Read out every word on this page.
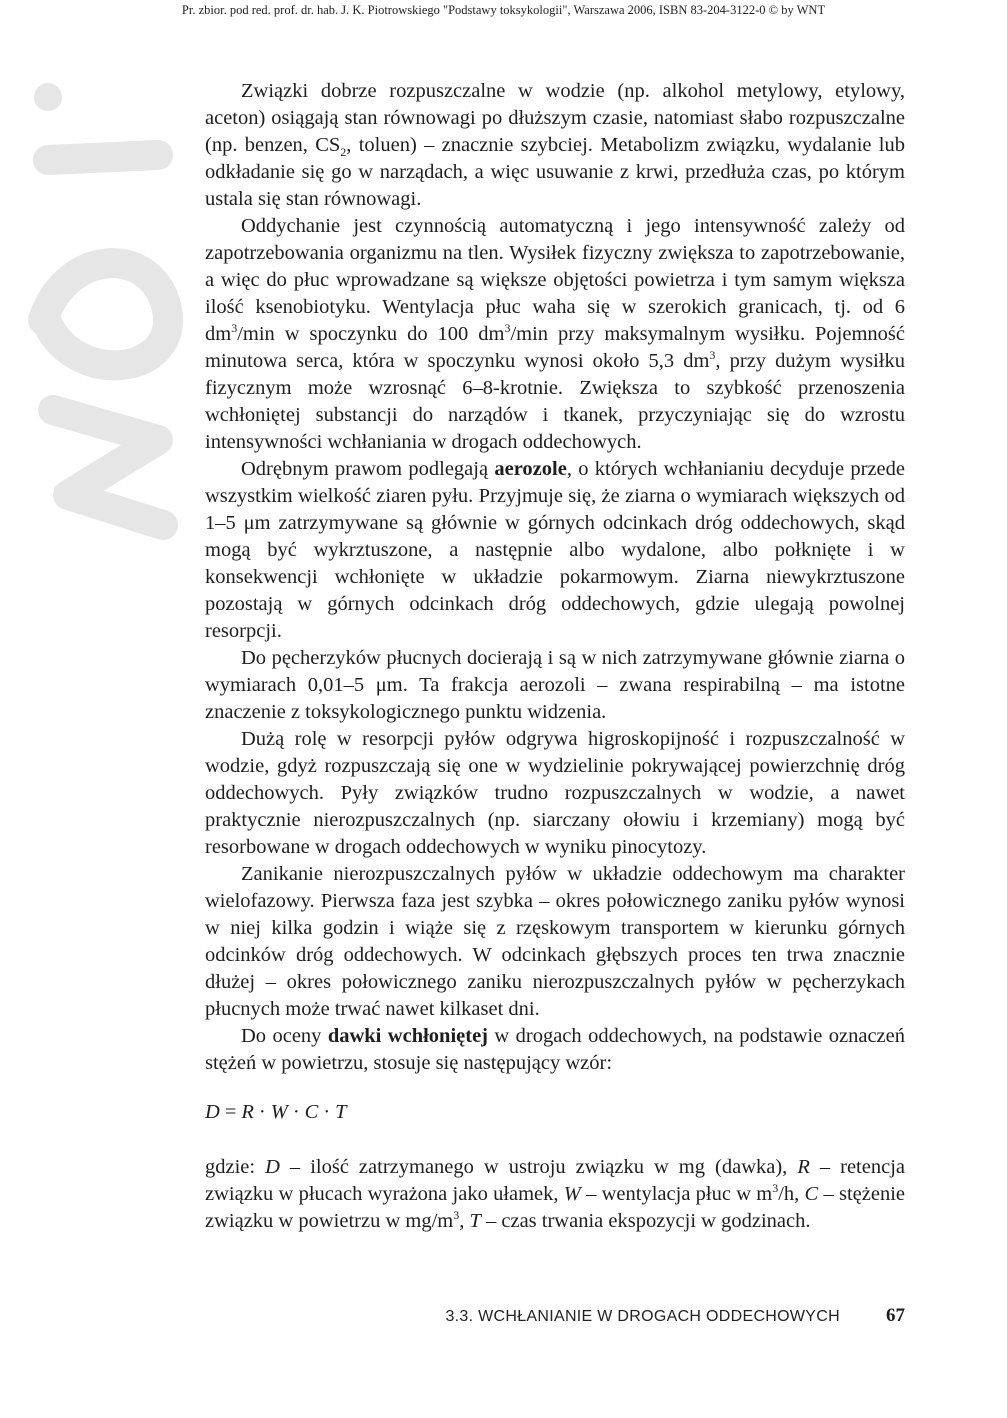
Pr. zbior. pod red. prof. dr. hab. J. K. Piotrowskiego "Podstawy toksykologii", Warszawa 2006, ISBN 83-204-3122-0 © by WNT

Związki dobrze rozpuszczalne w wodzie (np. alkohol metylowy, etylowy, aceton) osiągają stan równowagi po dłuższym czasie, natomiast słabo rozpuszczalne (np. benzen, $CS_2$, toluen) – znacznie szybciej. Metabolizm związku, wydalanie lub odkładanie się go w narządach, a więc usuwanie z krwi, przedłuża czas, po którym ustala się stan równowagi.

Oddychanie jest czynnością automatyczną i jego intensywność zależy od zapotrzebowania organizmu na tlen. Wysiłek fizyczny zwiększa to zapotrzebowanie, a więc do płuc wprowadzane są większe objętości powietrza i tym samym większa ilość ksenobiotyku. Wentylacja płuc waha się w szerokich granicach, tj. od 6 $dm^3/\min$ w spoczynku do 100 $dm^3/\min$ przy maksymalnym wysiłku. Pojemność minutowa serca, która w spoczynku wynosi około 5,3 $dm^3$, przy dużym wysiłku fizycznym może wzrosnąć 6–8-krotnie. Zwiększa to szybkość przenoszenia wchłoniętej substancji do narządów i tkanek, przyczyniając się do wzrostu intensywności wchłaniania w drogach oddechowych.

Odrębnym prawom podlegają aerozole, o których wchłanianiu decyduje przede wszystkim wielkość ziaren pyłu. Przyjmuje się, że ziarna o wymiarach większych od 1–5 μm zatrzymywane są głównie w górnych odcinkach dróg oddechowych, skąd mogą być wykrztuszone, a następnie albo wydalone, albo połknięte i w konsekwencji wchłonięte w układzie pokarmowym. Ziarna niewykrztuszone pozostają w górnych odcinkach dróg oddechowych, gdzie ulegają powolnej resorpcji.

Do pęcherzyków płucnych docierają i są w nich zatrzymywane głównie ziarna o wymiarach 0,01–5 μm. Ta frakcja aerozoli – zwana respirabilną – ma istotne znaczenie z toksykologicznego punktu widzenia.

Dużą rolę w resorpcji pyłów odgrywa higroskopijność i rozpuszczalność w wodzie, gdyż rozpuszczają się one w wydzielinie pokrywającej powierzchnię dróg oddechowych. Pyły związków trudno rozpuszczalnych w wodzie, a nawet praktycznie nierozpuszczalnych (np. siarczany ołowiu i krzemiany) mogą być resorbowane w drogach oddechowych w wyniku pinocytozy.

Zanikanie nierozpuszczalnych pyłów w układzie oddechowym ma charakter wielofazowy. Pierwsza faza jest szybka – okres połowicznego zaniku pyłów wynosi w niej kilka godzin i wiąże się z rzęskowym transportem w kierunku górnych odcinków dróg oddechowych. W odcinkach głębszych proces ten trwa znacznie dłużej – okres połowicznego zaniku nierozpuszczalnych pyłów w pęcherzykach płucnych może trwać nawet kilkaset dni.

Do oceny dawki wchłoniętej w drogach oddechowych, na podstawie oznaczeń stężeń w powietrzu, stosuje się następujący wzór:

D = R · W · C · T

gdzie: D – ilość zatrzymanego w ustroju związku w mg (dawka), R – retencja związku w płucach wyrażona jako ułamek, W – wentylacja płuc w $m^3/h$, C – stężenie związku w powietrzu w $mg/m^3$, T – czas trwania ekspozycji w godzinach.

3.3. WCHŁANIANIE W DROGACH ODDECHOWYCH 67
